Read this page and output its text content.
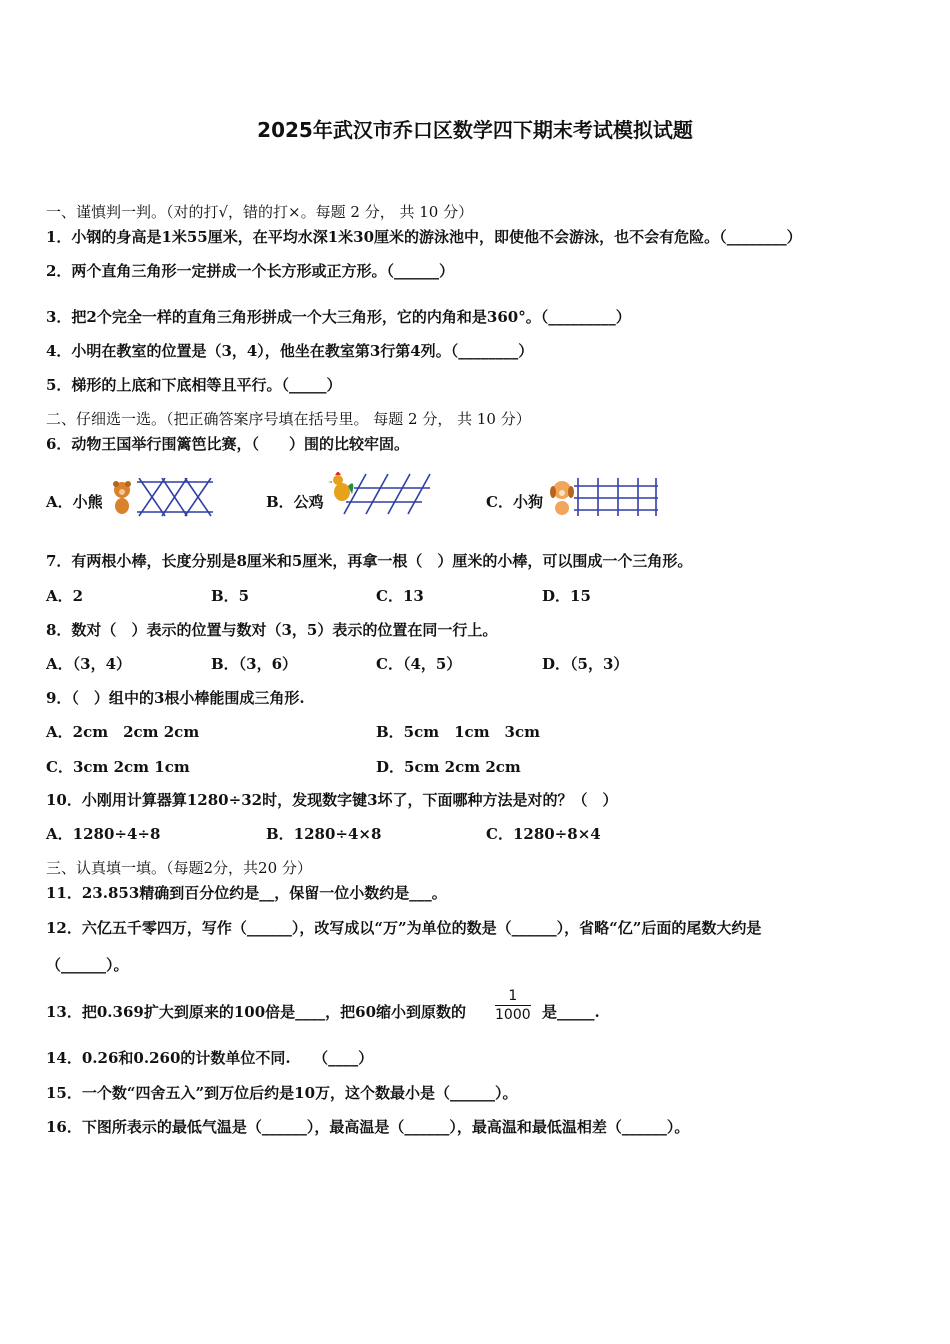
2025年武汉市乔口区数学四下期末考试模拟试题
一、谨慎判一判。（对的打√，错的打×。每题 2 分， 共 10 分）
1．小钢的身高是1米55厘米，在平均水深1米30厘米的游泳池中，即使他不会游泳，也不会有危险。（________）
2．两个直角三角形一定拼成一个长方形或正方形。（______）
3．把2个完全一样的直角三角形拼成一个大三角形，它的内角和是360°。（_________）
4．小明在教室的位置是（3，4），他坐在教室第3行第4列。（________）
5．梯形的上底和下底相等且平行。（_____）
二、仔细选一选。（把正确答案序号填在括号里。 每题 2 分， 共 10 分）
6．动物王国举行围篱笆比赛，（　　）围的比较牢固。
A．小熊	B．公鸡	C．小狗
7．有两根小棒，长度分别是8厘米和5厘米，再拿一根（　）厘米的小棒，可以围成一个三角形。
A．2	B．5	C．13	D．15
8．数对（　）表示的位置与数对（3，5）表示的位置在同一行上。
A．（3，4）	B．（3，6）	C．（4，5）	D．（5，3）
9．（　）组中的3根小棒能围成三角形.
A．2cm　2cm 2cm	B．5cm　1cm　3cm
C．3cm 2cm 1cm	D．5cm 2cm 2cm
10．小刚用计算器算1280÷32时，发现数字键3坏了，下面哪种方法是对的？（　）
A．1280÷4÷8	B．1280÷4×8	C．1280÷8×4
三、认真填一填。（每题2分，共20 分）
11．23.853精确到百分位约是__，保留一位小数约是___。
12．六亿五千零四万，写作（______），改写成以“万”为单位的数是（______），省略“亿”后面的尾数大约是
（______）。
13．把0.369扩大到原来的100倍是____，把60缩小到原数的 $\frac{1}{1000}$ 是_____.
14．0.26和0.260的计数单位不同.　　（____）
15．一个数“四舍五入”到万位后约是10万，这个数最小是（______）。
16．下图所表示的最低气温是（______），最高温是（______），最高温和最低温相差（______）。
